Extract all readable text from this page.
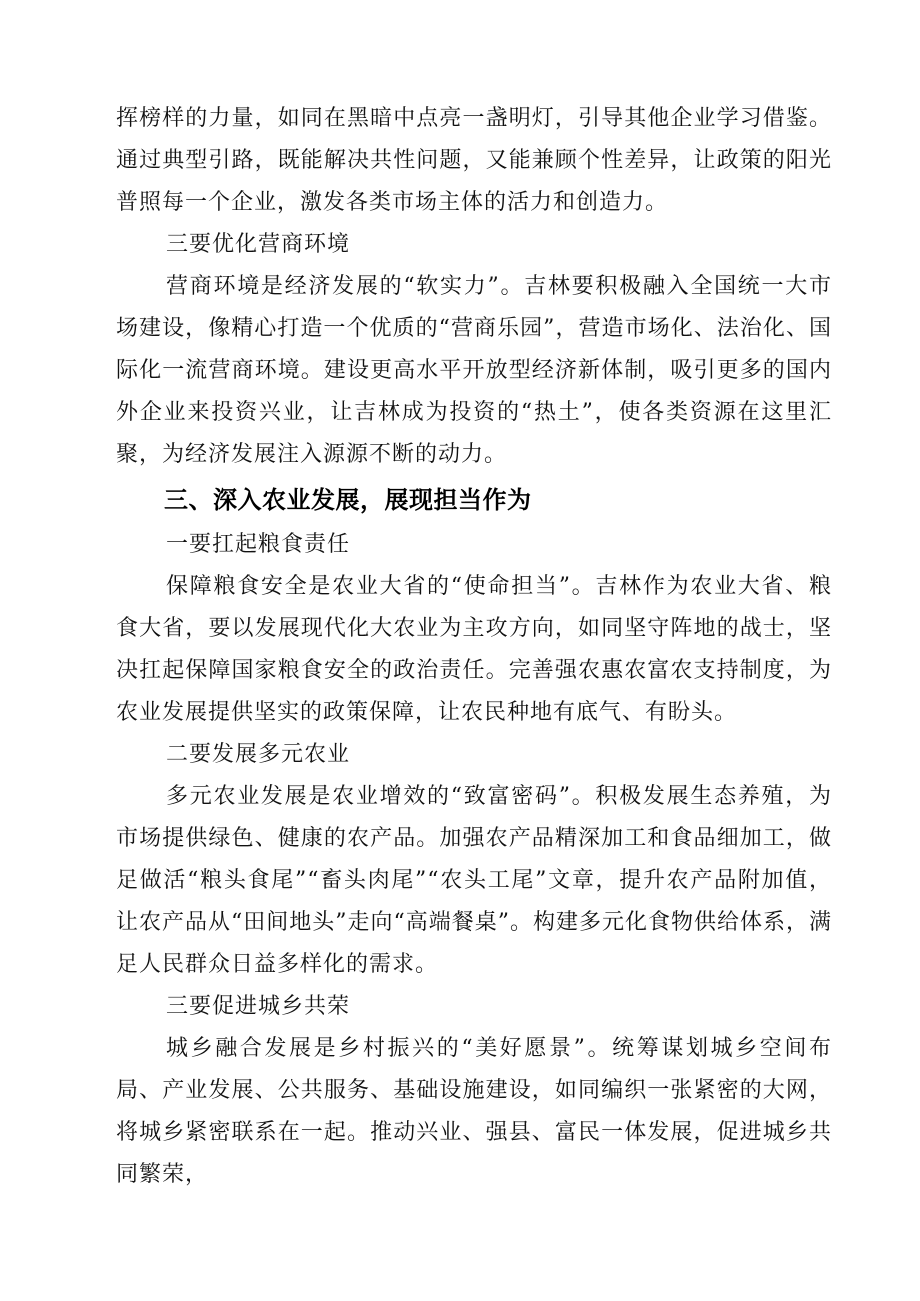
挥榜样的力量，如同在黑暗中点亮一盏明灯，引导其他企业学习借鉴。通过典型引路，既能解决共性问题，又能兼顾个性差异，让政策的阳光普照每一个企业，激发各类市场主体的活力和创造力。

三要优化营商环境

营商环境是经济发展的“软实力”。吉林要积极融入全国统一大市场建设，像精心打造一个优质的“营商乐园”，营造市场化、法治化、国际化一流营商环境。建设更高水平开放型经济新体制，吸引更多的国内外企业来投资兴业，让吉林成为投资的“热土”，使各类资源在这里汇聚，为经济发展注入源源不断的动力。

三、深入农业发展，展现担当作为

一要扛起粮食责任

保障粮食安全是农业大省的“使命担当”。吉林作为农业大省、粮食大省，要以发展现代化大农业为主攻方向，如同坚守阵地的战士，坚决扛起保障国家粮食安全的政治责任。完善强农惠农富农支持制度，为农业发展提供坚实的政策保障，让农民种地有底气、有盼头。

二要发展多元农业

多元农业发展是农业增效的“致富密码”。积极发展生态养殖，为市场提供绿色、健康的农产品。加强农产品精深加工和食品细加工，做足做活“粮头食尾”“畜头肉尾”“农头工尾”文章，提升农产品附加值，让农产品从“田间地头”走向“高端餐桌”。构建多元化食物供给体系，满足人民群众日益多样化的需求。

三要促进城乡共荣

城乡融合发展是乡村振兴的“美好愿景”。统筹谋划城乡空间布局、产业发展、公共服务、基础设施建设，如同编织一张紧密的大网，将城乡紧密联系在一起。推动兴业、强县、富民一体发展，促进城乡共同繁荣，
